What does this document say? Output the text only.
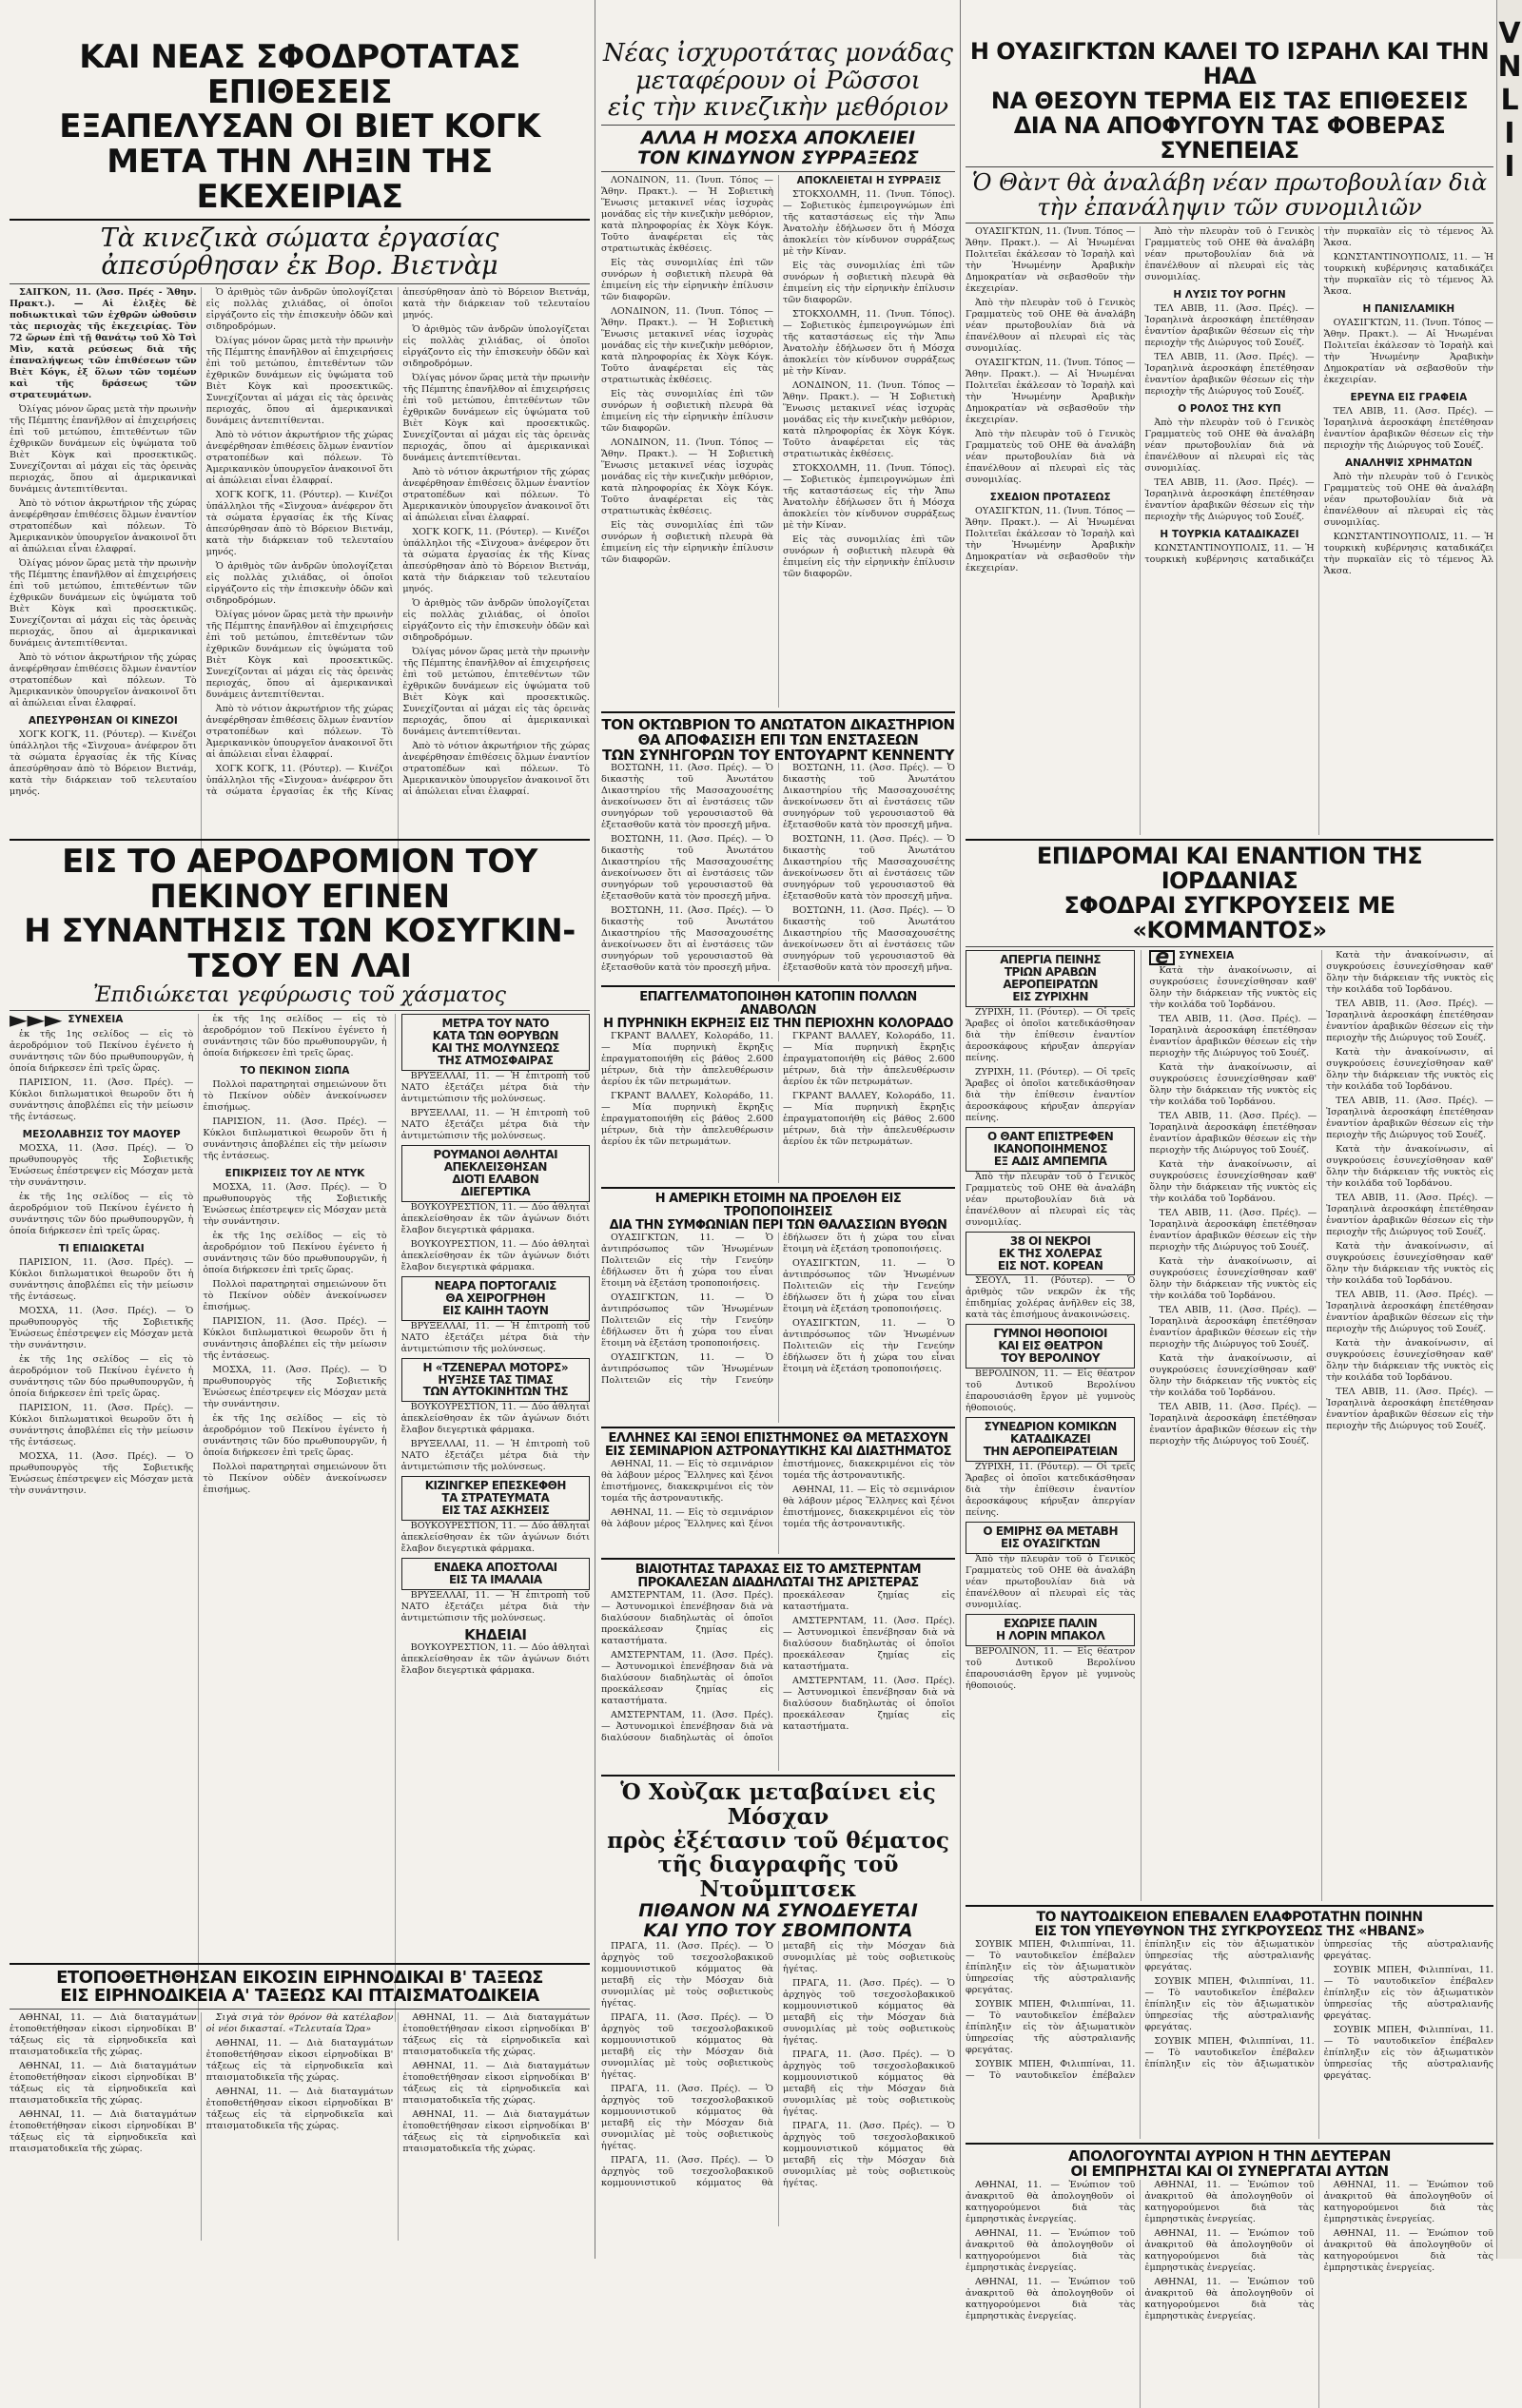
ΚΑΙ ΝΕΑΣ ΣΦΟΔΡΟΤΑΤΑΣ ΕΠΙΘΕΣΕΙΣ
ΕΞΑΠΕΛΥΣΑΝ ΟΙ ΒΙΕΤ ΚΟΓΚ
ΜΕΤΑ ΤΗΝ ΛΗΞΙΝ ΤΗΣ ΕΚΕΧΕΙΡΙΑΣ
Τὰ κινεζικὰ σώματα ἐργασίας ἀπεσύρθησαν ἐκ Βορ. Βιετνὰμ

ΣΑΙΓΚΟΝ, 11. (Ἀσσ. Πρές - Ἄθην. Πρακτ.). — Αἱ ἐλιξὲς δὲ ποδιωκτικαὶ τῶν ἐχθρῶν ὠθοῦσιν τὰς περιοχὰς τῆς ἐκεχειρίας. Τὸν 72 ὥρων ἐπὶ τῇ θανάτῳ τοῦ Χὸ Τσὶ Μὶν, κατὰ ρεύσεως διὰ τῆς ἐπαναλήψεως τῶν ἐπιθέσεων τῶν Βιὲτ Κόγκ, ἐξ ὅλων τῶν τομέων καὶ τῆς δράσεως τῶν στρατευμάτων.

Ὀλίγας μόνον ὥρας μετὰ τὴν πρωινὴν τῆς Πέμπτης ἐπανῆλθον αἱ ἐπιχειρήσεις ἐπὶ τοῦ μετώπου, ἐπιτεθέντων τῶν ἐχθρικῶν δυνάμεων εἰς ὑψώματα τοῦ Βιὲτ Κὸγκ καὶ προσεκτικῶς. Συνεχίζονται αἱ μάχαι εἰς τὰς ὀρεινὰς περιοχάς, ὅπου αἱ ἀμερικανικαὶ δυνάμεις ἀντεπιτίθενται.

Ἀπὸ τὸ νότιον ἀκρωτήριον τῆς χώρας ἀνεφέρθησαν ἐπιθέσεις ὅλμων ἐναντίον στρατοπέδων καὶ πόλεων. Τὸ Ἀμερικανικὸν ὑπουργεῖον ἀνακοινοῖ ὅτι αἱ ἀπώλειαι εἶναι ἐλαφραί.

Ὀλίγας μόνον ὥρας μετὰ τὴν πρωινὴν τῆς Πέμπτης ἐπανῆλθον αἱ ἐπιχειρήσεις ἐπὶ τοῦ μετώπου, ἐπιτεθέντων τῶν ἐχθρικῶν δυνάμεων εἰς ὑψώματα τοῦ Βιὲτ Κὸγκ καὶ προσεκτικῶς. Συνεχίζονται αἱ μάχαι εἰς τὰς ὀρεινὰς περιοχάς, ὅπου αἱ ἀμερικανικαὶ δυνάμεις ἀντεπιτίθενται.

Ἀπὸ τὸ νότιον ἀκρωτήριον τῆς χώρας ἀνεφέρθησαν ἐπιθέσεις ὅλμων ἐναντίον στρατοπέδων καὶ πόλεων. Τὸ Ἀμερικανικὸν ὑπουργεῖον ἀνακοινοῖ ὅτι αἱ ἀπώλειαι εἶναι ἐλαφραί.

ΑΠΕΣΥΡΘΗΣΑΝ ΟΙ ΚΙΝΕΖΟΙ

ΧΟΓΚ ΚΟΓΚ, 11. (Ρόυτερ). — Κινέζοι ὑπάλληλοι τῆς «Σὶνχουα» ἀνέφερον ὅτι τὰ σώματα ἐργασίας ἐκ τῆς Κίνας ἀπεσύρθησαν ἀπὸ τὸ Βόρειον Βιετνάμ, κατὰ τὴν διάρκειαν τοῦ τελευταίου μηνός.

Ὁ ἀριθμὸς τῶν ἀνδρῶν ὑπολογίζεται εἰς πολλὰς χιλιάδας, οἱ ὁποῖοι εἰργάζοντο εἰς τὴν ἐπισκευὴν ὁδῶν καὶ σιδηροδρόμων.

Ὀλίγας μόνον ὥρας μετὰ τὴν πρωινὴν τῆς Πέμπτης ἐπανῆλθον αἱ ἐπιχειρήσεις ἐπὶ τοῦ μετώπου, ἐπιτεθέντων τῶν ἐχθρικῶν δυνάμεων εἰς ὑψώματα τοῦ Βιὲτ Κὸγκ καὶ προσεκτικῶς. Συνεχίζονται αἱ μάχαι εἰς τὰς ὀρεινὰς περιοχάς, ὅπου αἱ ἀμερικανικαὶ δυνάμεις ἀντεπιτίθενται.

Ἀπὸ τὸ νότιον ἀκρωτήριον τῆς χώρας ἀνεφέρθησαν ἐπιθέσεις ὅλμων ἐναντίον στρατοπέδων καὶ πόλεων. Τὸ Ἀμερικανικὸν ὑπουργεῖον ἀνακοινοῖ ὅτι αἱ ἀπώλειαι εἶναι ἐλαφραί.

ΧΟΓΚ ΚΟΓΚ, 11. (Ρόυτερ). — Κινέζοι ὑπάλληλοι τῆς «Σὶνχουα» ἀνέφερον ὅτι τὰ σώματα ἐργασίας ἐκ τῆς Κίνας ἀπεσύρθησαν ἀπὸ τὸ Βόρειον Βιετνάμ, κατὰ τὴν διάρκειαν τοῦ τελευταίου μηνός.

Ὁ ἀριθμὸς τῶν ἀνδρῶν ὑπολογίζεται εἰς πολλὰς χιλιάδας, οἱ ὁποῖοι εἰργάζοντο εἰς τὴν ἐπισκευὴν ὁδῶν καὶ σιδηροδρόμων.

Ὀλίγας μόνον ὥρας μετὰ τὴν πρωινὴν τῆς Πέμπτης ἐπανῆλθον αἱ ἐπιχειρήσεις ἐπὶ τοῦ μετώπου, ἐπιτεθέντων τῶν ἐχθρικῶν δυνάμεων εἰς ὑψώματα τοῦ Βιὲτ Κὸγκ καὶ προσεκτικῶς. Συνεχίζονται αἱ μάχαι εἰς τὰς ὀρεινὰς περιοχάς, ὅπου αἱ ἀμερικανικαὶ δυνάμεις ἀντεπιτίθενται.

Ἀπὸ τὸ νότιον ἀκρωτήριον τῆς χώρας ἀνεφέρθησαν ἐπιθέσεις ὅλμων ἐναντίον στρατοπέδων καὶ πόλεων. Τὸ Ἀμερικανικὸν ὑπουργεῖον ἀνακοινοῖ ὅτι αἱ ἀπώλειαι εἶναι ἐλαφραί.

ΧΟΓΚ ΚΟΓΚ, 11. (Ρόυτερ). — Κινέζοι ὑπάλληλοι τῆς «Σὶνχουα» ἀνέφερον ὅτι τὰ σώματα ἐργασίας ἐκ τῆς Κίνας ἀπεσύρθησαν ἀπὸ τὸ Βόρειον Βιετνάμ, κατὰ τὴν διάρκειαν τοῦ τελευταίου μηνός.

Ὁ ἀριθμὸς τῶν ἀνδρῶν ὑπολογίζεται εἰς πολλὰς χιλιάδας, οἱ ὁποῖοι εἰργάζοντο εἰς τὴν ἐπισκευὴν ὁδῶν καὶ σιδηροδρόμων.

Ὀλίγας μόνον ὥρας μετὰ τὴν πρωινὴν τῆς Πέμπτης ἐπανῆλθον αἱ ἐπιχειρήσεις ἐπὶ τοῦ μετώπου, ἐπιτεθέντων τῶν ἐχθρικῶν δυνάμεων εἰς ὑψώματα τοῦ Βιὲτ Κὸγκ καὶ προσεκτικῶς. Συνεχίζονται αἱ μάχαι εἰς τὰς ὀρεινὰς περιοχάς, ὅπου αἱ ἀμερικανικαὶ δυνάμεις ἀντεπιτίθενται.

Ἀπὸ τὸ νότιον ἀκρωτήριον τῆς χώρας ἀνεφέρθησαν ἐπιθέσεις ὅλμων ἐναντίον στρατοπέδων καὶ πόλεων. Τὸ Ἀμερικανικὸν ὑπουργεῖον ἀνακοινοῖ ὅτι αἱ ἀπώλειαι εἶναι ἐλαφραί.

ΧΟΓΚ ΚΟΓΚ, 11. (Ρόυτερ). — Κινέζοι ὑπάλληλοι τῆς «Σὶνχουα» ἀνέφερον ὅτι τὰ σώματα ἐργασίας ἐκ τῆς Κίνας ἀπεσύρθησαν ἀπὸ τὸ Βόρειον Βιετνάμ, κατὰ τὴν διάρκειαν τοῦ τελευταίου μηνός.

Ὁ ἀριθμὸς τῶν ἀνδρῶν ὑπολογίζεται εἰς πολλὰς χιλιάδας, οἱ ὁποῖοι εἰργάζοντο εἰς τὴν ἐπισκευὴν ὁδῶν καὶ σιδηροδρόμων.

Ὀλίγας μόνον ὥρας μετὰ τὴν πρωινὴν τῆς Πέμπτης ἐπανῆλθον αἱ ἐπιχειρήσεις ἐπὶ τοῦ μετώπου, ἐπιτεθέντων τῶν ἐχθρικῶν δυνάμεων εἰς ὑψώματα τοῦ Βιὲτ Κὸγκ καὶ προσεκτικῶς. Συνεχίζονται αἱ μάχαι εἰς τὰς ὀρεινὰς περιοχάς, ὅπου αἱ ἀμερικανικαὶ δυνάμεις ἀντεπιτίθενται.

Ἀπὸ τὸ νότιον ἀκρωτήριον τῆς χώρας ἀνεφέρθησαν ἐπιθέσεις ὅλμων ἐναντίον στρατοπέδων καὶ πόλεων. Τὸ Ἀμερικανικὸν ὑπουργεῖον ἀνακοινοῖ ὅτι αἱ ἀπώλειαι εἶναι ἐλαφραί.

ΕΙΣ ΤΟ ΑΕΡΟΔΡΟΜΙΟΝ ΤΟΥ ΠΕΚΙΝΟΥ ΕΓΙΝΕΝ
Η ΣΥΝΑΝΤΗΣΙΣ ΤΩΝ ΚΟΣΥΓΚΙΝ-ΤΣΟΥ ΕΝ ΛΑΙ
Ἐπιδιώκεται γεφύρωσις τοῦ χάσματος
►►► ΣΥΝΕΧΕΙΑ

ἐκ τῆς 1ης σελίδος — εἰς τὸ ἀεροδρόμιον τοῦ Πεκίνου ἐγένετο ἡ συνάντησις τῶν δύο πρωθυπουργῶν, ἡ ὁποία διήρκεσεν ἐπὶ τρεῖς ὥρας.

ΠΑΡΙΣΙΟΝ, 11. (Ἀσσ. Πρές). — Κύκλοι διπλωματικοὶ θεωροῦν ὅτι ἡ συνάντησις ἀποβλέπει εἰς τὴν μείωσιν τῆς ἐντάσεως.

ΜΕΣΟΛΑΒΗΣΙΣ ΤΟΥ ΜΑΟΥΕΡ

ΜΟΣΧΑ, 11. (Ἀσσ. Πρές). — Ὁ πρωθυπουργὸς τῆς Σοβιετικῆς Ἑνώσεως ἐπέστρεψεν εἰς Μόσχαν μετὰ τὴν συνάντησιν.

ἐκ τῆς 1ης σελίδος — εἰς τὸ ἀεροδρόμιον τοῦ Πεκίνου ἐγένετο ἡ συνάντησις τῶν δύο πρωθυπουργῶν, ἡ ὁποία διήρκεσεν ἐπὶ τρεῖς ὥρας.

ΤΙ ΕΠΙΔΙΩΚΕΤΑΙ

ΠΑΡΙΣΙΟΝ, 11. (Ἀσσ. Πρές). — Κύκλοι διπλωματικοὶ θεωροῦν ὅτι ἡ συνάντησις ἀποβλέπει εἰς τὴν μείωσιν τῆς ἐντάσεως.

ΜΟΣΧΑ, 11. (Ἀσσ. Πρές). — Ὁ πρωθυπουργὸς τῆς Σοβιετικῆς Ἑνώσεως ἐπέστρεψεν εἰς Μόσχαν μετὰ τὴν συνάντησιν.

ἐκ τῆς 1ης σελίδος — εἰς τὸ ἀεροδρόμιον τοῦ Πεκίνου ἐγένετο ἡ συνάντησις τῶν δύο πρωθυπουργῶν, ἡ ὁποία διήρκεσεν ἐπὶ τρεῖς ὥρας.

ΠΑΡΙΣΙΟΝ, 11. (Ἀσσ. Πρές). — Κύκλοι διπλωματικοὶ θεωροῦν ὅτι ἡ συνάντησις ἀποβλέπει εἰς τὴν μείωσιν τῆς ἐντάσεως.

ΜΟΣΧΑ, 11. (Ἀσσ. Πρές). — Ὁ πρωθυπουργὸς τῆς Σοβιετικῆς Ἑνώσεως ἐπέστρεψεν εἰς Μόσχαν μετὰ τὴν συνάντησιν.

ἐκ τῆς 1ης σελίδος — εἰς τὸ ἀεροδρόμιον τοῦ Πεκίνου ἐγένετο ἡ συνάντησις τῶν δύο πρωθυπουργῶν, ἡ ὁποία διήρκεσεν ἐπὶ τρεῖς ὥρας.

ΤΟ ΠΕΚΙΝΟΝ ΣΙΩΠΑ

Πολλοὶ παρατηρηταὶ σημειώνουν ὅτι τὸ Πεκίνον οὐδὲν ἀνεκοίνωσεν ἐπισήμως.

ΠΑΡΙΣΙΟΝ, 11. (Ἀσσ. Πρές). — Κύκλοι διπλωματικοὶ θεωροῦν ὅτι ἡ συνάντησις ἀποβλέπει εἰς τὴν μείωσιν τῆς ἐντάσεως.

ΕΠΙΚΡΙΣΕΙΣ ΤΟΥ ΛΕ ΝΤΥΚ

ΜΟΣΧΑ, 11. (Ἀσσ. Πρές). — Ὁ πρωθυπουργὸς τῆς Σοβιετικῆς Ἑνώσεως ἐπέστρεψεν εἰς Μόσχαν μετὰ τὴν συνάντησιν.

ἐκ τῆς 1ης σελίδος — εἰς τὸ ἀεροδρόμιον τοῦ Πεκίνου ἐγένετο ἡ συνάντησις τῶν δύο πρωθυπουργῶν, ἡ ὁποία διήρκεσεν ἐπὶ τρεῖς ὥρας.

Πολλοὶ παρατηρηταὶ σημειώνουν ὅτι τὸ Πεκίνον οὐδὲν ἀνεκοίνωσεν ἐπισήμως.

ΠΑΡΙΣΙΟΝ, 11. (Ἀσσ. Πρές). — Κύκλοι διπλωματικοὶ θεωροῦν ὅτι ἡ συνάντησις ἀποβλέπει εἰς τὴν μείωσιν τῆς ἐντάσεως.

ΜΟΣΧΑ, 11. (Ἀσσ. Πρές). — Ὁ πρωθυπουργὸς τῆς Σοβιετικῆς Ἑνώσεως ἐπέστρεψεν εἰς Μόσχαν μετὰ τὴν συνάντησιν.

ἐκ τῆς 1ης σελίδος — εἰς τὸ ἀεροδρόμιον τοῦ Πεκίνου ἐγένετο ἡ συνάντησις τῶν δύο πρωθυπουργῶν, ἡ ὁποία διήρκεσεν ἐπὶ τρεῖς ὥρας.

Πολλοὶ παρατηρηταὶ σημειώνουν ὅτι τὸ Πεκίνον οὐδὲν ἀνεκοίνωσεν ἐπισήμως.

ΜΕΤΡΑ ΤΟΥ ΝΑΤΟ
ΚΑΤΑ ΤΩΝ ΘΟΡΥΒΩΝ
ΚΑΙ ΤΗΣ ΜΟΛΥΝΣΕΩΣ
ΤΗΣ ΑΤΜΟΣΦΑΙΡΑΣ

ΒΡΥΞΕΛΛΑΙ, 11. — Ἡ ἐπιτροπὴ τοῦ ΝΑΤΟ ἐξετάζει μέτρα διὰ τὴν ἀντιμετώπισιν τῆς μολύνσεως.

ΒΡΥΞΕΛΛΑΙ, 11. — Ἡ ἐπιτροπὴ τοῦ ΝΑΤΟ ἐξετάζει μέτρα διὰ τὴν ἀντιμετώπισιν τῆς μολύνσεως.

ΡΟΥΜΑΝΟΙ ΑΘΛΗΤΑΙ
ΑΠΕΚΛΕΙΣΘΗΣΑΝ
ΔΙΟΤΙ ΕΛΑΒΟΝ
ΔΙΕΓΕΡΤΙΚΑ

ΒΟΥΚΟΥΡΕΣΤΙΟΝ, 11. — Δύο ἀθληταὶ ἀπεκλείσθησαν ἐκ τῶν ἀγώνων διότι ἔλαβον διεγερτικὰ φάρμακα.

ΒΟΥΚΟΥΡΕΣΤΙΟΝ, 11. — Δύο ἀθληταὶ ἀπεκλείσθησαν ἐκ τῶν ἀγώνων διότι ἔλαβον διεγερτικὰ φάρμακα.

ΝΕΑΡΑ ΠΟΡΤΟΓΑΛΙΣ
ΘΑ ΧΕΙΡΟΓΡΗΘΗ
ΕΙΣ ΚΑΙΗΗ ΤΑΟΥΝ

ΒΡΥΞΕΛΛΑΙ, 11. — Ἡ ἐπιτροπὴ τοῦ ΝΑΤΟ ἐξετάζει μέτρα διὰ τὴν ἀντιμετώπισιν τῆς μολύνσεως.

Η «ΤΖΕΝΕΡΑΛ ΜΟΤΟΡΣ»
ΗΥΞΗΣΕ ΤΑΣ ΤΙΜΑΣ
ΤΩΝ ΑΥΤΟΚΙΝΗΤΩΝ ΤΗΣ

ΒΟΥΚΟΥΡΕΣΤΙΟΝ, 11. — Δύο ἀθληταὶ ἀπεκλείσθησαν ἐκ τῶν ἀγώνων διότι ἔλαβον διεγερτικὰ φάρμακα.

ΒΡΥΞΕΛΛΑΙ, 11. — Ἡ ἐπιτροπὴ τοῦ ΝΑΤΟ ἐξετάζει μέτρα διὰ τὴν ἀντιμετώπισιν τῆς μολύνσεως.

ΚΙΖΙΝΓΚΕΡ ΕΠΕΣΚΕΦΘΗ
ΤΑ ΣΤΡΑΤΕΥΜΑΤΑ
ΕΙΣ ΤΑΣ ΑΣΚΗΣΕΙΣ

ΒΟΥΚΟΥΡΕΣΤΙΟΝ, 11. — Δύο ἀθληταὶ ἀπεκλείσθησαν ἐκ τῶν ἀγώνων διότι ἔλαβον διεγερτικὰ φάρμακα.

ΕΝΔΕΚΑ ΑΠΟΣΤΟΛΑΙ
ΕΙΣ ΤΑ ΙΜΑΛΑΙΑ

ΒΡΥΞΕΛΛΑΙ, 11. — Ἡ ἐπιτροπὴ τοῦ ΝΑΤΟ ἐξετάζει μέτρα διὰ τὴν ἀντιμετώπισιν τῆς μολύνσεως.

ΚΗΔΕΙΑΙ

ΒΟΥΚΟΥΡΕΣΤΙΟΝ, 11. — Δύο ἀθληταὶ ἀπεκλείσθησαν ἐκ τῶν ἀγώνων διότι ἔλαβον διεγερτικὰ φάρμακα.

ΕΤΟΠΟΘΕΤΗΘΗΣΑΝ ΕΙΚΟΣΙΝ ΕΙΡΗΝΟΔΙΚΑΙ Β' ΤΑΞΕΩΣ
ΕΙΣ ΕΙΡΗΝΟΔΙΚΕΙΑ Α' ΤΑΞΕΩΣ ΚΑΙ ΠΤΑΙΣΜΑΤΟΔΙΚΕΙΑ

ΑΘΗΝΑΙ, 11. — Διὰ διαταγμάτων ἐτοποθετήθησαν εἰκοσι εἰρηνοδίκαι Β' τάξεως εἰς τὰ εἰρηνοδικεῖα καὶ πταισματοδικεῖα τῆς χώρας.

ΑΘΗΝΑΙ, 11. — Διὰ διαταγμάτων ἐτοποθετήθησαν εἰκοσι εἰρηνοδίκαι Β' τάξεως εἰς τὰ εἰρηνοδικεῖα καὶ πταισματοδικεῖα τῆς χώρας.

ΑΘΗΝΑΙ, 11. — Διὰ διαταγμάτων ἐτοποθετήθησαν εἰκοσι εἰρηνοδίκαι Β' τάξεως εἰς τὰ εἰρηνοδικεῖα καὶ πταισματοδικεῖα τῆς χώρας.

Σιγὰ σιγὰ τὸν θρόνον θὰ κατέλαβον οἱ νέοι δικασταί. «Τελευταία Ὥρα»

ΑΘΗΝΑΙ, 11. — Διὰ διαταγμάτων ἐτοποθετήθησαν εἰκοσι εἰρηνοδίκαι Β' τάξεως εἰς τὰ εἰρηνοδικεῖα καὶ πταισματοδικεῖα τῆς χώρας.

ΑΘΗΝΑΙ, 11. — Διὰ διαταγμάτων ἐτοποθετήθησαν εἰκοσι εἰρηνοδίκαι Β' τάξεως εἰς τὰ εἰρηνοδικεῖα καὶ πταισματοδικεῖα τῆς χώρας.

ΑΘΗΝΑΙ, 11. — Διὰ διαταγμάτων ἐτοποθετήθησαν εἰκοσι εἰρηνοδίκαι Β' τάξεως εἰς τὰ εἰρηνοδικεῖα καὶ πταισματοδικεῖα τῆς χώρας.

ΑΘΗΝΑΙ, 11. — Διὰ διαταγμάτων ἐτοποθετήθησαν εἰκοσι εἰρηνοδίκαι Β' τάξεως εἰς τὰ εἰρηνοδικεῖα καὶ πταισματοδικεῖα τῆς χώρας.

ΑΘΗΝΑΙ, 11. — Διὰ διαταγμάτων ἐτοποθετήθησαν εἰκοσι εἰρηνοδίκαι Β' τάξεως εἰς τὰ εἰρηνοδικεῖα καὶ πταισματοδικεῖα τῆς χώρας.

Νέας ἰσχυροτάτας μονάδας
μεταφέρουν οἱ Ρῶσσοι
εἰς τὴν κινεζικὴν μεθόριον
ΑΛΛΑ Η ΜΟΣΧΑ ΑΠΟΚΛΕΙΕΙ
ΤΟΝ ΚΙΝΔΥΝΟΝ ΣΥΡΡΑΞΕΩΣ

ΛΟΝΔΙΝΟΝ, 11. (Ἰνυπ. Τόπος — Ἄθην. Πρακτ.). — Ἡ Σοβιετικὴ Ἕνωσις μετακινεῖ νέας ἰσχυρὰς μονάδας εἰς τὴν κινεζικὴν μεθόριον, κατὰ πληροφορίας ἐκ Χὸγκ Κόγκ. Τοῦτο ἀναφέρεται εἰς τὰς στρατιωτικὰς ἐκθέσεις.

Εἰς τὰς συνομιλίας ἐπὶ τῶν συνόρων ἡ σοβιετικὴ πλευρὰ θὰ ἐπιμείνη εἰς τὴν εἰρηνικὴν ἐπίλυσιν τῶν διαφορῶν.

ΛΟΝΔΙΝΟΝ, 11. (Ἰνυπ. Τόπος — Ἄθην. Πρακτ.). — Ἡ Σοβιετικὴ Ἕνωσις μετακινεῖ νέας ἰσχυρὰς μονάδας εἰς τὴν κινεζικὴν μεθόριον, κατὰ πληροφορίας ἐκ Χὸγκ Κόγκ. Τοῦτο ἀναφέρεται εἰς τὰς στρατιωτικὰς ἐκθέσεις.

Εἰς τὰς συνομιλίας ἐπὶ τῶν συνόρων ἡ σοβιετικὴ πλευρὰ θὰ ἐπιμείνη εἰς τὴν εἰρηνικὴν ἐπίλυσιν τῶν διαφορῶν.

ΛΟΝΔΙΝΟΝ, 11. (Ἰνυπ. Τόπος — Ἄθην. Πρακτ.). — Ἡ Σοβιετικὴ Ἕνωσις μετακινεῖ νέας ἰσχυρὰς μονάδας εἰς τὴν κινεζικὴν μεθόριον, κατὰ πληροφορίας ἐκ Χὸγκ Κόγκ. Τοῦτο ἀναφέρεται εἰς τὰς στρατιωτικὰς ἐκθέσεις.

Εἰς τὰς συνομιλίας ἐπὶ τῶν συνόρων ἡ σοβιετικὴ πλευρὰ θὰ ἐπιμείνη εἰς τὴν εἰρηνικὴν ἐπίλυσιν τῶν διαφορῶν.

ΑΠΟΚΛΕΙΕΤΑΙ Η ΣΥΡΡΑΞΙΣ

ΣΤΟΚΧΟΛΜΗ, 11. (Ἰνυπ. Τόπος). — Σοβιετικὸς ἐμπειρογνώμων ἐπὶ τῆς καταστάσεως εἰς τὴν Ἄπω Ἀνατολὴν ἐδήλωσεν ὅτι ἡ Μόσχα ἀποκλείει τὸν κίνδυνον συρράξεως μὲ τὴν Κίναν.

Εἰς τὰς συνομιλίας ἐπὶ τῶν συνόρων ἡ σοβιετικὴ πλευρὰ θὰ ἐπιμείνη εἰς τὴν εἰρηνικὴν ἐπίλυσιν τῶν διαφορῶν.

ΣΤΟΚΧΟΛΜΗ, 11. (Ἰνυπ. Τόπος). — Σοβιετικὸς ἐμπειρογνώμων ἐπὶ τῆς καταστάσεως εἰς τὴν Ἄπω Ἀνατολὴν ἐδήλωσεν ὅτι ἡ Μόσχα ἀποκλείει τὸν κίνδυνον συρράξεως μὲ τὴν Κίναν.

ΛΟΝΔΙΝΟΝ, 11. (Ἰνυπ. Τόπος — Ἄθην. Πρακτ.). — Ἡ Σοβιετικὴ Ἕνωσις μετακινεῖ νέας ἰσχυρὰς μονάδας εἰς τὴν κινεζικὴν μεθόριον, κατὰ πληροφορίας ἐκ Χὸγκ Κόγκ. Τοῦτο ἀναφέρεται εἰς τὰς στρατιωτικὰς ἐκθέσεις.

ΣΤΟΚΧΟΛΜΗ, 11. (Ἰνυπ. Τόπος). — Σοβιετικὸς ἐμπειρογνώμων ἐπὶ τῆς καταστάσεως εἰς τὴν Ἄπω Ἀνατολὴν ἐδήλωσεν ὅτι ἡ Μόσχα ἀποκλείει τὸν κίνδυνον συρράξεως μὲ τὴν Κίναν.

Εἰς τὰς συνομιλίας ἐπὶ τῶν συνόρων ἡ σοβιετικὴ πλευρὰ θὰ ἐπιμείνη εἰς τὴν εἰρηνικὴν ἐπίλυσιν τῶν διαφορῶν.

ΤΟΝ ΟΚΤΩΒΡΙΟΝ ΤΟ ΑΝΩΤΑΤΟΝ ΔΙΚΑΣΤΗΡΙΟΝ
ΘΑ ΑΠΟΦΑΣΙΣΗ ΕΠΙ ΤΩΝ ΕΝΣΤΑΣΕΩΝ
ΤΩΝ ΣΥΝΗΓΟΡΩΝ ΤΟΥ ΕΝΤΟΥΑΡΝΤ ΚΕΝΝΕΝΤΥ

ΒΟΣΤΩΝΗ, 11. (Ἀσσ. Πρές). — Ὁ δικαστὴς τοῦ Ἀνωτάτου Δικαστηρίου τῆς Μασσαχουσέτης ἀνεκοίνωσεν ὅτι αἱ ἐνστάσεις τῶν συνηγόρων τοῦ γερουσιαστοῦ θὰ ἐξετασθοῦν κατὰ τὸν προσεχῆ μῆνα.

ΒΟΣΤΩΝΗ, 11. (Ἀσσ. Πρές). — Ὁ δικαστὴς τοῦ Ἀνωτάτου Δικαστηρίου τῆς Μασσαχουσέτης ἀνεκοίνωσεν ὅτι αἱ ἐνστάσεις τῶν συνηγόρων τοῦ γερουσιαστοῦ θὰ ἐξετασθοῦν κατὰ τὸν προσεχῆ μῆνα.

ΒΟΣΤΩΝΗ, 11. (Ἀσσ. Πρές). — Ὁ δικαστὴς τοῦ Ἀνωτάτου Δικαστηρίου τῆς Μασσαχουσέτης ἀνεκοίνωσεν ὅτι αἱ ἐνστάσεις τῶν συνηγόρων τοῦ γερουσιαστοῦ θὰ ἐξετασθοῦν κατὰ τὸν προσεχῆ μῆνα.

ΒΟΣΤΩΝΗ, 11. (Ἀσσ. Πρές). — Ὁ δικαστὴς τοῦ Ἀνωτάτου Δικαστηρίου τῆς Μασσαχουσέτης ἀνεκοίνωσεν ὅτι αἱ ἐνστάσεις τῶν συνηγόρων τοῦ γερουσιαστοῦ θὰ ἐξετασθοῦν κατὰ τὸν προσεχῆ μῆνα.

ΒΟΣΤΩΝΗ, 11. (Ἀσσ. Πρές). — Ὁ δικαστὴς τοῦ Ἀνωτάτου Δικαστηρίου τῆς Μασσαχουσέτης ἀνεκοίνωσεν ὅτι αἱ ἐνστάσεις τῶν συνηγόρων τοῦ γερουσιαστοῦ θὰ ἐξετασθοῦν κατὰ τὸν προσεχῆ μῆνα.

ΒΟΣΤΩΝΗ, 11. (Ἀσσ. Πρές). — Ὁ δικαστὴς τοῦ Ἀνωτάτου Δικαστηρίου τῆς Μασσαχουσέτης ἀνεκοίνωσεν ὅτι αἱ ἐνστάσεις τῶν συνηγόρων τοῦ γερουσιαστοῦ θὰ ἐξετασθοῦν κατὰ τὸν προσεχῆ μῆνα.

ΕΠΑΓΓΕΛΜΑΤΟΠΟΙΗΘΗ ΚΑΤΟΠΙΝ ΠΟΛΛΩΝ ΑΝΑΒΟΛΩΝ
Η ΠΥΡΗΝΙΚΗ ΕΚΡΗΞΙΣ ΕΙΣ ΤΗΝ ΠΕΡΙΟΧΗΝ ΚΟΛΟΡΑΔΟ

ΓΚΡΑΝΤ ΒΑΛΛΕΥ, Κολοράδο, 11. — Μία πυρηνικὴ ἔκρηξις ἐπραγματοποιήθη εἰς βάθος 2.600 μέτρων, διὰ τὴν ἀπελευθέρωσιν ἀερίου ἐκ τῶν πετρωμάτων.

ΓΚΡΑΝΤ ΒΑΛΛΕΥ, Κολοράδο, 11. — Μία πυρηνικὴ ἔκρηξις ἐπραγματοποιήθη εἰς βάθος 2.600 μέτρων, διὰ τὴν ἀπελευθέρωσιν ἀερίου ἐκ τῶν πετρωμάτων.

ΓΚΡΑΝΤ ΒΑΛΛΕΥ, Κολοράδο, 11. — Μία πυρηνικὴ ἔκρηξις ἐπραγματοποιήθη εἰς βάθος 2.600 μέτρων, διὰ τὴν ἀπελευθέρωσιν ἀερίου ἐκ τῶν πετρωμάτων.

ΓΚΡΑΝΤ ΒΑΛΛΕΥ, Κολοράδο, 11. — Μία πυρηνικὴ ἔκρηξις ἐπραγματοποιήθη εἰς βάθος 2.600 μέτρων, διὰ τὴν ἀπελευθέρωσιν ἀερίου ἐκ τῶν πετρωμάτων.

Η ΑΜΕΡΙΚΗ ΕΤΟΙΜΗ ΝΑ ΠΡΟΕΛΘΗ ΕΙΣ ΤΡΟΠΟΠΟΙΗΣΕΙΣ
ΔΙΑ ΤΗΝ ΣΥΜΦΩΝΙΑΝ ΠΕΡΙ ΤΩΝ ΘΑΛΑΣΣΙΩΝ ΒΥΘΩΝ

ΟΥΑΣΙΓΚΤΩΝ, 11. — Ὁ ἀντιπρόσωπος τῶν Ἡνωμένων Πολιτειῶν εἰς τὴν Γενεύην ἐδήλωσεν ὅτι ἡ χώρα του εἶναι ἕτοιμη νὰ ἐξετάση τροποποιήσεις.

ΟΥΑΣΙΓΚΤΩΝ, 11. — Ὁ ἀντιπρόσωπος τῶν Ἡνωμένων Πολιτειῶν εἰς τὴν Γενεύην ἐδήλωσεν ὅτι ἡ χώρα του εἶναι ἕτοιμη νὰ ἐξετάση τροποποιήσεις.

ΟΥΑΣΙΓΚΤΩΝ, 11. — Ὁ ἀντιπρόσωπος τῶν Ἡνωμένων Πολιτειῶν εἰς τὴν Γενεύην ἐδήλωσεν ὅτι ἡ χώρα του εἶναι ἕτοιμη νὰ ἐξετάση τροποποιήσεις.

ΟΥΑΣΙΓΚΤΩΝ, 11. — Ὁ ἀντιπρόσωπος τῶν Ἡνωμένων Πολιτειῶν εἰς τὴν Γενεύην ἐδήλωσεν ὅτι ἡ χώρα του εἶναι ἕτοιμη νὰ ἐξετάση τροποποιήσεις.

ΟΥΑΣΙΓΚΤΩΝ, 11. — Ὁ ἀντιπρόσωπος τῶν Ἡνωμένων Πολιτειῶν εἰς τὴν Γενεύην ἐδήλωσεν ὅτι ἡ χώρα του εἶναι ἕτοιμη νὰ ἐξετάση τροποποιήσεις.

ΕΛΛΗΝΕΣ ΚΑΙ ΞΕΝΟΙ ΕΠΙΣΤΗΜΟΝΕΣ ΘΑ ΜΕΤΑΣΧΟΥΝ
ΕΙΣ ΣΕΜΙΝΑΡΙΟΝ ΑΣΤΡΟΝΑΥΤΙΚΗΣ ΚΑΙ ΔΙΑΣΤΗΜΑΤΟΣ

ΑΘΗΝΑΙ, 11. — Εἰς τὸ σεμινάριον θὰ λάβουν μέρος Ἕλληνες καὶ ξένοι ἐπιστήμονες, διακεκριμένοι εἰς τὸν τομέα τῆς ἀστροναυτικῆς.

ΑΘΗΝΑΙ, 11. — Εἰς τὸ σεμινάριον θὰ λάβουν μέρος Ἕλληνες καὶ ξένοι ἐπιστήμονες, διακεκριμένοι εἰς τὸν τομέα τῆς ἀστροναυτικῆς.

ΑΘΗΝΑΙ, 11. — Εἰς τὸ σεμινάριον θὰ λάβουν μέρος Ἕλληνες καὶ ξένοι ἐπιστήμονες, διακεκριμένοι εἰς τὸν τομέα τῆς ἀστροναυτικῆς.

ΒΙΑΙΟΤΗΤΑΣ ΤΑΡΑΧΑΣ ΕΙΣ ΤΟ ΑΜΣΤΕΡΝΤΑΜ
ΠΡΟΚΑΛΕΣΑΝ ΔΙΑΔΗΛΩΤΑΙ ΤΗΣ ΑΡΙΣΤΕΡΑΣ

ΑΜΣΤΕΡΝΤΑΜ, 11. (Ἀσσ. Πρές). — Ἀστυνομικοὶ ἐπενέβησαν διὰ νὰ διαλύσουν διαδηλωτὰς οἱ ὁποῖοι προεκάλεσαν ζημίας εἰς καταστήματα.

ΑΜΣΤΕΡΝΤΑΜ, 11. (Ἀσσ. Πρές). — Ἀστυνομικοὶ ἐπενέβησαν διὰ νὰ διαλύσουν διαδηλωτὰς οἱ ὁποῖοι προεκάλεσαν ζημίας εἰς καταστήματα.

ΑΜΣΤΕΡΝΤΑΜ, 11. (Ἀσσ. Πρές). — Ἀστυνομικοὶ ἐπενέβησαν διὰ νὰ διαλύσουν διαδηλωτὰς οἱ ὁποῖοι προεκάλεσαν ζημίας εἰς καταστήματα.

ΑΜΣΤΕΡΝΤΑΜ, 11. (Ἀσσ. Πρές). — Ἀστυνομικοὶ ἐπενέβησαν διὰ νὰ διαλύσουν διαδηλωτὰς οἱ ὁποῖοι προεκάλεσαν ζημίας εἰς καταστήματα.

ΑΜΣΤΕΡΝΤΑΜ, 11. (Ἀσσ. Πρές). — Ἀστυνομικοὶ ἐπενέβησαν διὰ νὰ διαλύσουν διαδηλωτὰς οἱ ὁποῖοι προεκάλεσαν ζημίας εἰς καταστήματα.

Ὁ Χοὺζακ μεταβαίνει εἰς Μόσχαν
πρὸς ἐξέτασιν τοῦ θέματος
τῆς διαγραφῆς τοῦ Ντοῦμπτσεκ
ΠΙΘΑΝΟΝ ΝΑ ΣΥΝΟΔΕΥΕΤΑΙ
ΚΑΙ ΥΠΟ ΤΟΥ ΣΒΟΜΠΟΝΤΑ

ΠΡΑΓΑ, 11. (Ἀσσ. Πρές). — Ὁ ἀρχηγὸς τοῦ τσεχοσλοβακικοῦ κομμουνιστικοῦ κόμματος θὰ μεταβῆ εἰς τὴν Μόσχαν διὰ συνομιλίας μὲ τοὺς σοβιετικοὺς ἡγέτας.

ΠΡΑΓΑ, 11. (Ἀσσ. Πρές). — Ὁ ἀρχηγὸς τοῦ τσεχοσλοβακικοῦ κομμουνιστικοῦ κόμματος θὰ μεταβῆ εἰς τὴν Μόσχαν διὰ συνομιλίας μὲ τοὺς σοβιετικοὺς ἡγέτας.

ΠΡΑΓΑ, 11. (Ἀσσ. Πρές). — Ὁ ἀρχηγὸς τοῦ τσεχοσλοβακικοῦ κομμουνιστικοῦ κόμματος θὰ μεταβῆ εἰς τὴν Μόσχαν διὰ συνομιλίας μὲ τοὺς σοβιετικοὺς ἡγέτας.

ΠΡΑΓΑ, 11. (Ἀσσ. Πρές). — Ὁ ἀρχηγὸς τοῦ τσεχοσλοβακικοῦ κομμουνιστικοῦ κόμματος θὰ μεταβῆ εἰς τὴν Μόσχαν διὰ συνομιλίας μὲ τοὺς σοβιετικοὺς ἡγέτας.

ΠΡΑΓΑ, 11. (Ἀσσ. Πρές). — Ὁ ἀρχηγὸς τοῦ τσεχοσλοβακικοῦ κομμουνιστικοῦ κόμματος θὰ μεταβῆ εἰς τὴν Μόσχαν διὰ συνομιλίας μὲ τοὺς σοβιετικοὺς ἡγέτας.

ΠΡΑΓΑ, 11. (Ἀσσ. Πρές). — Ὁ ἀρχηγὸς τοῦ τσεχοσλοβακικοῦ κομμουνιστικοῦ κόμματος θὰ μεταβῆ εἰς τὴν Μόσχαν διὰ συνομιλίας μὲ τοὺς σοβιετικοὺς ἡγέτας.

ΠΡΑΓΑ, 11. (Ἀσσ. Πρές). — Ὁ ἀρχηγὸς τοῦ τσεχοσλοβακικοῦ κομμουνιστικοῦ κόμματος θὰ μεταβῆ εἰς τὴν Μόσχαν διὰ συνομιλίας μὲ τοὺς σοβιετικοὺς ἡγέτας.

Η ΟΥΑΣΙΓΚΤΩΝ ΚΑΛΕΙ ΤΟ ΙΣΡΑΗΛ ΚΑΙ ΤΗΝ ΗΑΔ
ΝΑ ΘΕΣΟΥΝ ΤΕΡΜΑ ΕΙΣ ΤΑΣ ΕΠΙΘΕΣΕΙΣ
ΔΙΑ ΝΑ ΑΠΟΦΥΓΟΥΝ ΤΑΣ ΦΟΒΕΡΑΣ ΣΥΝΕΠΕΙΑΣ
Ὁ Θὰντ θὰ ἀναλάβη νέαν πρωτοβουλίαν διὰ τὴν ἐπανάληψιν τῶν συνομιλιῶν

ΟΥΑΣΙΓΚΤΩΝ, 11. (Ἰνυπ. Τόπος — Ἄθην. Πρακτ.). — Αἱ Ἡνωμέναι Πολιτεῖαι ἐκάλεσαν τὸ Ἰσραὴλ καὶ τὴν Ἡνωμένην Ἀραβικὴν Δημοκρατίαν νὰ σεβασθοῦν τὴν ἐκεχειρίαν.

Ἀπὸ τὴν πλευρὰν τοῦ ὁ Γενικὸς Γραμματεὺς τοῦ ΟΗΕ θὰ ἀναλάβη νέαν πρωτοβουλίαν διὰ νὰ ἐπανέλθουν αἱ πλευραὶ εἰς τὰς συνομιλίας.

ΟΥΑΣΙΓΚΤΩΝ, 11. (Ἰνυπ. Τόπος — Ἄθην. Πρακτ.). — Αἱ Ἡνωμέναι Πολιτεῖαι ἐκάλεσαν τὸ Ἰσραὴλ καὶ τὴν Ἡνωμένην Ἀραβικὴν Δημοκρατίαν νὰ σεβασθοῦν τὴν ἐκεχειρίαν.

Ἀπὸ τὴν πλευρὰν τοῦ ὁ Γενικὸς Γραμματεὺς τοῦ ΟΗΕ θὰ ἀναλάβη νέαν πρωτοβουλίαν διὰ νὰ ἐπανέλθουν αἱ πλευραὶ εἰς τὰς συνομιλίας.

ΣΧΕΔΙΟΝ ΠΡΟΤΑΣΕΩΣ

ΟΥΑΣΙΓΚΤΩΝ, 11. (Ἰνυπ. Τόπος — Ἄθην. Πρακτ.). — Αἱ Ἡνωμέναι Πολιτεῖαι ἐκάλεσαν τὸ Ἰσραὴλ καὶ τὴν Ἡνωμένην Ἀραβικὴν Δημοκρατίαν νὰ σεβασθοῦν τὴν ἐκεχειρίαν.

Ἀπὸ τὴν πλευρὰν τοῦ ὁ Γενικὸς Γραμματεὺς τοῦ ΟΗΕ θὰ ἀναλάβη νέαν πρωτοβουλίαν διὰ νὰ ἐπανέλθουν αἱ πλευραὶ εἰς τὰς συνομιλίας.

Η ΛΥΣΙΣ ΤΟΥ ΡΟΓΗΝ

ΤΕΛ ΑΒΙΒ, 11. (Ἀσσ. Πρές). — Ἰσραηλινὰ ἀεροσκάφη ἐπετέθησαν ἐναντίον ἀραβικῶν θέσεων εἰς τὴν περιοχὴν τῆς Διώρυγος τοῦ Σουέζ.

ΤΕΛ ΑΒΙΒ, 11. (Ἀσσ. Πρές). — Ἰσραηλινὰ ἀεροσκάφη ἐπετέθησαν ἐναντίον ἀραβικῶν θέσεων εἰς τὴν περιοχὴν τῆς Διώρυγος τοῦ Σουέζ.

Ο ΡΟΛΟΣ ΤΗΣ ΚΥΠ

Ἀπὸ τὴν πλευρὰν τοῦ ὁ Γενικὸς Γραμματεὺς τοῦ ΟΗΕ θὰ ἀναλάβη νέαν πρωτοβουλίαν διὰ νὰ ἐπανέλθουν αἱ πλευραὶ εἰς τὰς συνομιλίας.

ΤΕΛ ΑΒΙΒ, 11. (Ἀσσ. Πρές). — Ἰσραηλινὰ ἀεροσκάφη ἐπετέθησαν ἐναντίον ἀραβικῶν θέσεων εἰς τὴν περιοχὴν τῆς Διώρυγος τοῦ Σουέζ.

Η ΤΟΥΡΚΙΑ ΚΑΤΑΔΙΚΑΖΕΙ

ΚΩΝΣΤΑΝΤΙΝΟΥΠΟΛΙΣ, 11. — Ἡ τουρκικὴ κυβέρνησις καταδικάζει τὴν πυρκαϊὰν εἰς τὸ τέμενος Ἀλ Ἄκσα.

ΚΩΝΣΤΑΝΤΙΝΟΥΠΟΛΙΣ, 11. — Ἡ τουρκικὴ κυβέρνησις καταδικάζει τὴν πυρκαϊὰν εἰς τὸ τέμενος Ἀλ Ἄκσα.

Η ΠΑΝΙΣΛΑΜΙΚΗ

ΟΥΑΣΙΓΚΤΩΝ, 11. (Ἰνυπ. Τόπος — Ἄθην. Πρακτ.). — Αἱ Ἡνωμέναι Πολιτεῖαι ἐκάλεσαν τὸ Ἰσραὴλ καὶ τὴν Ἡνωμένην Ἀραβικὴν Δημοκρατίαν νὰ σεβασθοῦν τὴν ἐκεχειρίαν.

ΕΡΕΥΝΑ ΕΙΣ ΓΡΑΦΕΙΑ

ΤΕΛ ΑΒΙΒ, 11. (Ἀσσ. Πρές). — Ἰσραηλινὰ ἀεροσκάφη ἐπετέθησαν ἐναντίον ἀραβικῶν θέσεων εἰς τὴν περιοχὴν τῆς Διώρυγος τοῦ Σουέζ.

ΑΝΑΛΗΨΙΣ ΧΡΗΜΑΤΩΝ

Ἀπὸ τὴν πλευρὰν τοῦ ὁ Γενικὸς Γραμματεὺς τοῦ ΟΗΕ θὰ ἀναλάβη νέαν πρωτοβουλίαν διὰ νὰ ἐπανέλθουν αἱ πλευραὶ εἰς τὰς συνομιλίας.

ΚΩΝΣΤΑΝΤΙΝΟΥΠΟΛΙΣ, 11. — Ἡ τουρκικὴ κυβέρνησις καταδικάζει τὴν πυρκαϊὰν εἰς τὸ τέμενος Ἀλ Ἄκσα.

ΕΠΙΔΡΟΜΑΙ ΚΑΙ ΕΝΑΝΤΙΟΝ ΤΗΣ ΙΟΡΔΑΝΙΑΣ
ΣΦΟΔΡΑΙ ΣΥΓΚΡΟΥΣΕΙΣ ΜΕ «ΚΟΜΜΑΝΤΟΣ»
ΑΠΕΡΓΙΑ ΠΕΙΝΗΣ
ΤΡΙΩΝ ΑΡΑΒΩΝ
ΑΕΡΟΠΕΙΡΑΤΩΝ
ΕΙΣ ΖΥΡΙΧΗΝ

ΖΥΡΙΧΗ, 11. (Ρόυτερ). — Οἱ τρεῖς Ἄραβες οἱ ὁποῖοι κατεδικάσθησαν διὰ τὴν ἐπίθεσιν ἐναντίον ἀεροσκάφους κήρυξαν ἀπεργίαν πείνης.

ΖΥΡΙΧΗ, 11. (Ρόυτερ). — Οἱ τρεῖς Ἄραβες οἱ ὁποῖοι κατεδικάσθησαν διὰ τὴν ἐπίθεσιν ἐναντίον ἀεροσκάφους κήρυξαν ἀπεργίαν πείνης.

Ο ΘΑΝΤ ΕΠΙΣΤΡΕΦΕΝ
ΙΚΑΝΟΠΟΙΗΜΕΝΟΣ
ΕΞ ΑΔΙΣ ΑΜΠΕΜΠΑ

Ἀπὸ τὴν πλευρὰν τοῦ ὁ Γενικὸς Γραμματεὺς τοῦ ΟΗΕ θὰ ἀναλάβη νέαν πρωτοβουλίαν διὰ νὰ ἐπανέλθουν αἱ πλευραὶ εἰς τὰς συνομιλίας.

38 ΟΙ ΝΕΚΡΟΙ
ΕΚ ΤΗΣ ΧΟΛΕΡΑΣ
ΕΙΣ ΝΟΤ. ΚΟΡΕΑΝ

ΣΕΟΥΛ, 11. (Ρόυτερ). — Ὁ ἀριθμὸς τῶν νεκρῶν ἐκ τῆς ἐπιδημίας χολέρας ἀνῆλθεν εἰς 38, κατὰ τὰς ἐπισήμους ἀνακοινώσεις.

ΓΥΜΝΟΙ ΗΘΟΠΟΙΟΙ
ΚΑΙ ΕΙΣ ΘΕΑΤΡΟΝ
ΤΟΥ ΒΕΡΟΛΙΝΟΥ

ΒΕΡΟΛΙΝΟΝ, 11. — Εἰς θέατρον τοῦ Δυτικοῦ Βερολίνου ἐπαρουσιάσθη ἔργον μὲ γυμνοὺς ἠθοποιούς.

ΣΥΝΕΔΡΙΟΝ ΚΟΜΙΚΩΝ
ΚΑΤΑΔΙΚΑΖΕΙ
ΤΗΝ ΑΕΡΟΠΕΙΡΑΤΕΙΑΝ

ΖΥΡΙΧΗ, 11. (Ρόυτερ). — Οἱ τρεῖς Ἄραβες οἱ ὁποῖοι κατεδικάσθησαν διὰ τὴν ἐπίθεσιν ἐναντίον ἀεροσκάφους κήρυξαν ἀπεργίαν πείνης.

Ο ΕΜΙΡΗΣ ΘΑ ΜΕΤΑΒΗ
ΕΙΣ ΟΥΑΣΙΓΚΤΩΝ

Ἀπὸ τὴν πλευρὰν τοῦ ὁ Γενικὸς Γραμματεὺς τοῦ ΟΗΕ θὰ ἀναλάβη νέαν πρωτοβουλίαν διὰ νὰ ἐπανέλθουν αἱ πλευραὶ εἰς τὰς συνομιλίας.

ΕΧΩΡΙΣΕ ΠΑΛΙΝ
Η ΛΟΡΙΝ ΜΠΑΚΟΛ

ΒΕΡΟΛΙΝΟΝ, 11. — Εἰς θέατρον τοῦ Δυτικοῦ Βερολίνου ἐπαρουσιάσθη ἔργον μὲ γυμνοὺς ἠθοποιούς.

e ΣΥΝΕΧΕΙΑ

Κατὰ τὴν ἀνακοίνωσιν, αἱ συγκρούσεις ἐσυνεχίσθησαν καθ' ὅλην τὴν διάρκειαν τῆς νυκτὸς εἰς τὴν κοιλάδα τοῦ Ἰορδάνου.

ΤΕΛ ΑΒΙΒ, 11. (Ἀσσ. Πρές). — Ἰσραηλινὰ ἀεροσκάφη ἐπετέθησαν ἐναντίον ἀραβικῶν θέσεων εἰς τὴν περιοχὴν τῆς Διώρυγος τοῦ Σουέζ.

Κατὰ τὴν ἀνακοίνωσιν, αἱ συγκρούσεις ἐσυνεχίσθησαν καθ' ὅλην τὴν διάρκειαν τῆς νυκτὸς εἰς τὴν κοιλάδα τοῦ Ἰορδάνου.

ΤΕΛ ΑΒΙΒ, 11. (Ἀσσ. Πρές). — Ἰσραηλινὰ ἀεροσκάφη ἐπετέθησαν ἐναντίον ἀραβικῶν θέσεων εἰς τὴν περιοχὴν τῆς Διώρυγος τοῦ Σουέζ.

Κατὰ τὴν ἀνακοίνωσιν, αἱ συγκρούσεις ἐσυνεχίσθησαν καθ' ὅλην τὴν διάρκειαν τῆς νυκτὸς εἰς τὴν κοιλάδα τοῦ Ἰορδάνου.

ΤΕΛ ΑΒΙΒ, 11. (Ἀσσ. Πρές). — Ἰσραηλινὰ ἀεροσκάφη ἐπετέθησαν ἐναντίον ἀραβικῶν θέσεων εἰς τὴν περιοχὴν τῆς Διώρυγος τοῦ Σουέζ.

Κατὰ τὴν ἀνακοίνωσιν, αἱ συγκρούσεις ἐσυνεχίσθησαν καθ' ὅλην τὴν διάρκειαν τῆς νυκτὸς εἰς τὴν κοιλάδα τοῦ Ἰορδάνου.

ΤΕΛ ΑΒΙΒ, 11. (Ἀσσ. Πρές). — Ἰσραηλινὰ ἀεροσκάφη ἐπετέθησαν ἐναντίον ἀραβικῶν θέσεων εἰς τὴν περιοχὴν τῆς Διώρυγος τοῦ Σουέζ.

Κατὰ τὴν ἀνακοίνωσιν, αἱ συγκρούσεις ἐσυνεχίσθησαν καθ' ὅλην τὴν διάρκειαν τῆς νυκτὸς εἰς τὴν κοιλάδα τοῦ Ἰορδάνου.

ΤΕΛ ΑΒΙΒ, 11. (Ἀσσ. Πρές). — Ἰσραηλινὰ ἀεροσκάφη ἐπετέθησαν ἐναντίον ἀραβικῶν θέσεων εἰς τὴν περιοχὴν τῆς Διώρυγος τοῦ Σουέζ.

Κατὰ τὴν ἀνακοίνωσιν, αἱ συγκρούσεις ἐσυνεχίσθησαν καθ' ὅλην τὴν διάρκειαν τῆς νυκτὸς εἰς τὴν κοιλάδα τοῦ Ἰορδάνου.

ΤΕΛ ΑΒΙΒ, 11. (Ἀσσ. Πρές). — Ἰσραηλινὰ ἀεροσκάφη ἐπετέθησαν ἐναντίον ἀραβικῶν θέσεων εἰς τὴν περιοχὴν τῆς Διώρυγος τοῦ Σουέζ.

Κατὰ τὴν ἀνακοίνωσιν, αἱ συγκρούσεις ἐσυνεχίσθησαν καθ' ὅλην τὴν διάρκειαν τῆς νυκτὸς εἰς τὴν κοιλάδα τοῦ Ἰορδάνου.

ΤΕΛ ΑΒΙΒ, 11. (Ἀσσ. Πρές). — Ἰσραηλινὰ ἀεροσκάφη ἐπετέθησαν ἐναντίον ἀραβικῶν θέσεων εἰς τὴν περιοχὴν τῆς Διώρυγος τοῦ Σουέζ.

Κατὰ τὴν ἀνακοίνωσιν, αἱ συγκρούσεις ἐσυνεχίσθησαν καθ' ὅλην τὴν διάρκειαν τῆς νυκτὸς εἰς τὴν κοιλάδα τοῦ Ἰορδάνου.

ΤΕΛ ΑΒΙΒ, 11. (Ἀσσ. Πρές). — Ἰσραηλινὰ ἀεροσκάφη ἐπετέθησαν ἐναντίον ἀραβικῶν θέσεων εἰς τὴν περιοχὴν τῆς Διώρυγος τοῦ Σουέζ.

Κατὰ τὴν ἀνακοίνωσιν, αἱ συγκρούσεις ἐσυνεχίσθησαν καθ' ὅλην τὴν διάρκειαν τῆς νυκτὸς εἰς τὴν κοιλάδα τοῦ Ἰορδάνου.

ΤΕΛ ΑΒΙΒ, 11. (Ἀσσ. Πρές). — Ἰσραηλινὰ ἀεροσκάφη ἐπετέθησαν ἐναντίον ἀραβικῶν θέσεων εἰς τὴν περιοχὴν τῆς Διώρυγος τοῦ Σουέζ.

Κατὰ τὴν ἀνακοίνωσιν, αἱ συγκρούσεις ἐσυνεχίσθησαν καθ' ὅλην τὴν διάρκειαν τῆς νυκτὸς εἰς τὴν κοιλάδα τοῦ Ἰορδάνου.

ΤΕΛ ΑΒΙΒ, 11. (Ἀσσ. Πρές). — Ἰσραηλινὰ ἀεροσκάφη ἐπετέθησαν ἐναντίον ἀραβικῶν θέσεων εἰς τὴν περιοχὴν τῆς Διώρυγος τοῦ Σουέζ.

ΤΟ ΝΑΥΤΟΔΙΚΕΙΟΝ ΕΠΕΒΑΛΕΝ ΕΛΑΦΡΟΤΑΤΗΝ ΠΟΙΝΗΝ
ΕΙΣ ΤΟΝ ΥΠΕΥΘΥΝΟΝ ΤΗΣ ΣΥΓΚΡΟΥΣΕΩΣ ΤΗΣ «ΗΒΑΝΣ»

ΣΟΥΒΙΚ ΜΠΕΗ, Φιλιππίναι, 11. — Τὸ ναυτοδικεῖον ἐπέβαλεν ἐπίπληξιν εἰς τὸν ἀξιωματικὸν ὑπηρεσίας τῆς αὐστραλιανῆς φρεγάτας.

ΣΟΥΒΙΚ ΜΠΕΗ, Φιλιππίναι, 11. — Τὸ ναυτοδικεῖον ἐπέβαλεν ἐπίπληξιν εἰς τὸν ἀξιωματικὸν ὑπηρεσίας τῆς αὐστραλιανῆς φρεγάτας.

ΣΟΥΒΙΚ ΜΠΕΗ, Φιλιππίναι, 11. — Τὸ ναυτοδικεῖον ἐπέβαλεν ἐπίπληξιν εἰς τὸν ἀξιωματικὸν ὑπηρεσίας τῆς αὐστραλιανῆς φρεγάτας.

ΣΟΥΒΙΚ ΜΠΕΗ, Φιλιππίναι, 11. — Τὸ ναυτοδικεῖον ἐπέβαλεν ἐπίπληξιν εἰς τὸν ἀξιωματικὸν ὑπηρεσίας τῆς αὐστραλιανῆς φρεγάτας.

ΣΟΥΒΙΚ ΜΠΕΗ, Φιλιππίναι, 11. — Τὸ ναυτοδικεῖον ἐπέβαλεν ἐπίπληξιν εἰς τὸν ἀξιωματικὸν ὑπηρεσίας τῆς αὐστραλιανῆς φρεγάτας.

ΣΟΥΒΙΚ ΜΠΕΗ, Φιλιππίναι, 11. — Τὸ ναυτοδικεῖον ἐπέβαλεν ἐπίπληξιν εἰς τὸν ἀξιωματικὸν ὑπηρεσίας τῆς αὐστραλιανῆς φρεγάτας.

ΣΟΥΒΙΚ ΜΠΕΗ, Φιλιππίναι, 11. — Τὸ ναυτοδικεῖον ἐπέβαλεν ἐπίπληξιν εἰς τὸν ἀξιωματικὸν ὑπηρεσίας τῆς αὐστραλιανῆς φρεγάτας.

ΑΠΟΛΟΓΟΥΝΤΑΙ ΑΥΡΙΟΝ Η ΤΗΝ ΔΕΥΤΕΡΑΝ
ΟΙ ΕΜΠΡΗΣΤΑΙ ΚΑΙ ΟΙ ΣΥΝΕΡΓΑΤΑΙ ΑΥΤΩΝ

ΑΘΗΝΑΙ, 11. — Ἐνώπιον τοῦ ἀνακριτοῦ θὰ ἀπολογηθοῦν οἱ κατηγορούμενοι διὰ τὰς ἐμπρηστικὰς ἐνεργείας.

ΑΘΗΝΑΙ, 11. — Ἐνώπιον τοῦ ἀνακριτοῦ θὰ ἀπολογηθοῦν οἱ κατηγορούμενοι διὰ τὰς ἐμπρηστικὰς ἐνεργείας.

ΑΘΗΝΑΙ, 11. — Ἐνώπιον τοῦ ἀνακριτοῦ θὰ ἀπολογηθοῦν οἱ κατηγορούμενοι διὰ τὰς ἐμπρηστικὰς ἐνεργείας.

ΑΘΗΝΑΙ, 11. — Ἐνώπιον τοῦ ἀνακριτοῦ θὰ ἀπολογηθοῦν οἱ κατηγορούμενοι διὰ τὰς ἐμπρηστικὰς ἐνεργείας.

ΑΘΗΝΑΙ, 11. — Ἐνώπιον τοῦ ἀνακριτοῦ θὰ ἀπολογηθοῦν οἱ κατηγορούμενοι διὰ τὰς ἐμπρηστικὰς ἐνεργείας.

ΑΘΗΝΑΙ, 11. — Ἐνώπιον τοῦ ἀνακριτοῦ θὰ ἀπολογηθοῦν οἱ κατηγορούμενοι διὰ τὰς ἐμπρηστικὰς ἐνεργείας.

ΑΘΗΝΑΙ, 11. — Ἐνώπιον τοῦ ἀνακριτοῦ θὰ ἀπολογηθοῦν οἱ κατηγορούμενοι διὰ τὰς ἐμπρηστικὰς ἐνεργείας.

ΑΘΗΝΑΙ, 11. — Ἐνώπιον τοῦ ἀνακριτοῦ θὰ ἀπολογηθοῦν οἱ κατηγορούμενοι διὰ τὰς ἐμπρηστικὰς ἐνεργείας.

V N L I I
